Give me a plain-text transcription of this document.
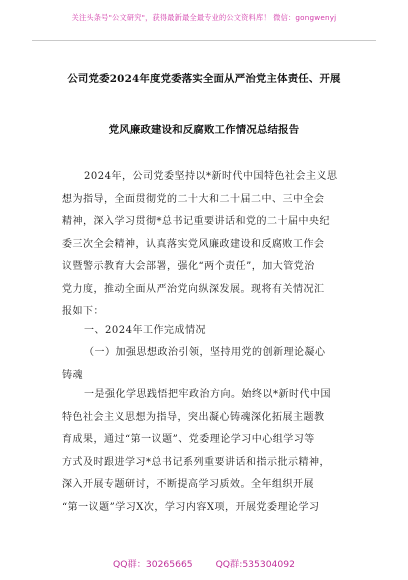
关注头条号"公文研究"，获得最新最全最专业的公文资料库！ 微信：gongwenyj
公司党委2024年度党委落实全面从严治党主体责任、开展
党风廉政建设和反腐败工作情况总结报告
2024年，公司党委坚持以*新时代中国特色社会主义思
想为指导，全面贯彻党的二十大和二十届二中、三中全会
精神，深入学习贯彻*总书记重要讲话和党的二十届中央纪
委三次全会精神，认真落实党风廉政建设和反腐败工作会
议暨警示教育大会部署，强化“两个责任”，加大管党治
党力度，推动全面从严治党向纵深发展。现将有关情况汇
报如下：
一、2024年工作完成情况
（一）加强思想政治引领，坚持用党的创新理论凝心
铸魂
一是强化学思践悟把牢政治方向。始终以*新时代中国
特色社会主义思想为指导，突出凝心铸魂深化拓展主题教
育成果，通过“第一议题”、党委理论学习中心组学习等
方式及时跟进学习*总书记系列重要讲话和指示批示精神，
深入开展专题研讨，不断提高学习质效。全年组织开展
“第一议题”学习X次，学习内容X项，开展党委理论学习
QQ群：30265665 QQ群:535304092
